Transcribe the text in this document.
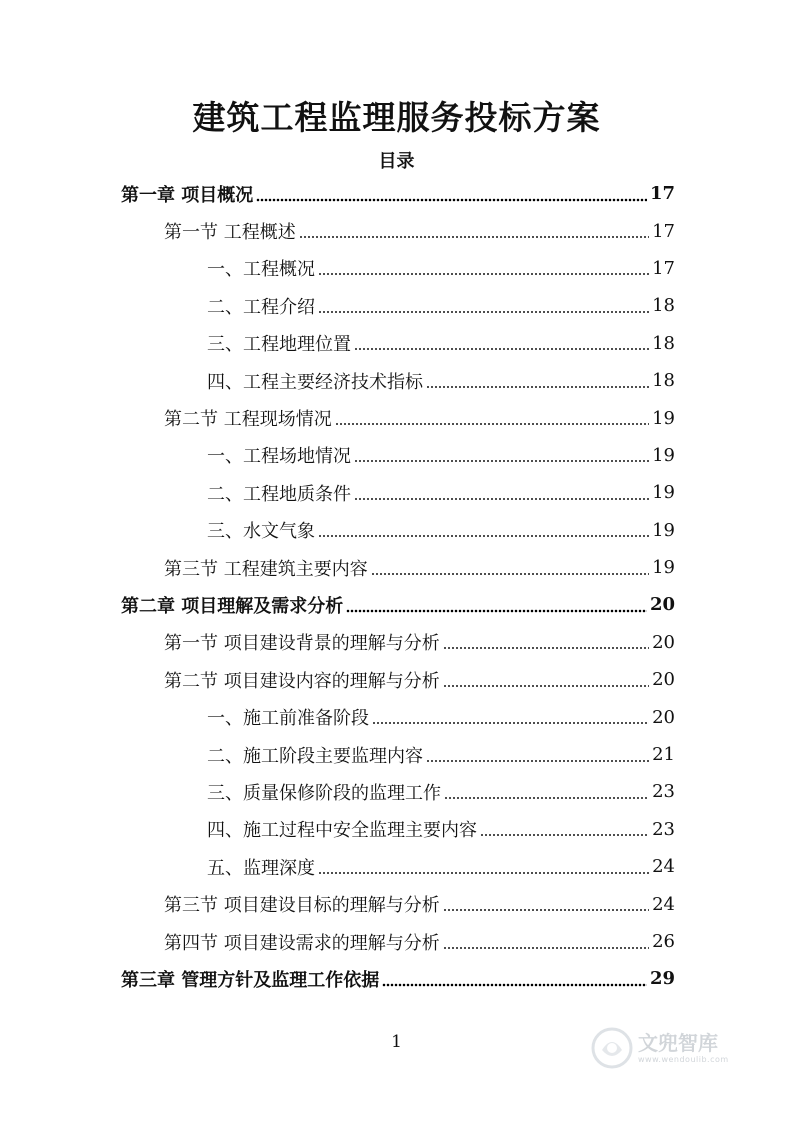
建筑工程监理服务投标方案
目录
第一章 项目概况	17
第一节 工程概述	17
一、工程概况	17
二、工程介绍	18
三、工程地理位置	18
四、工程主要经济技术指标	18
第二节 工程现场情况	19
一、工程场地情况	19
二、工程地质条件	19
三、水文气象	19
第三节 工程建筑主要内容	19
第二章 项目理解及需求分析	20
第一节 项目建设背景的理解与分析	20
第二节 项目建设内容的理解与分析	20
一、施工前准备阶段	20
二、施工阶段主要监理内容	21
三、质量保修阶段的监理工作	23
四、施工过程中安全监理主要内容	23
五、监理深度	24
第三节 项目建设目标的理解与分析	24
第四节 项目建设需求的理解与分析	26
第三章 管理方针及监理工作依据	29
1	文兜智库
www.wendoulib.com
